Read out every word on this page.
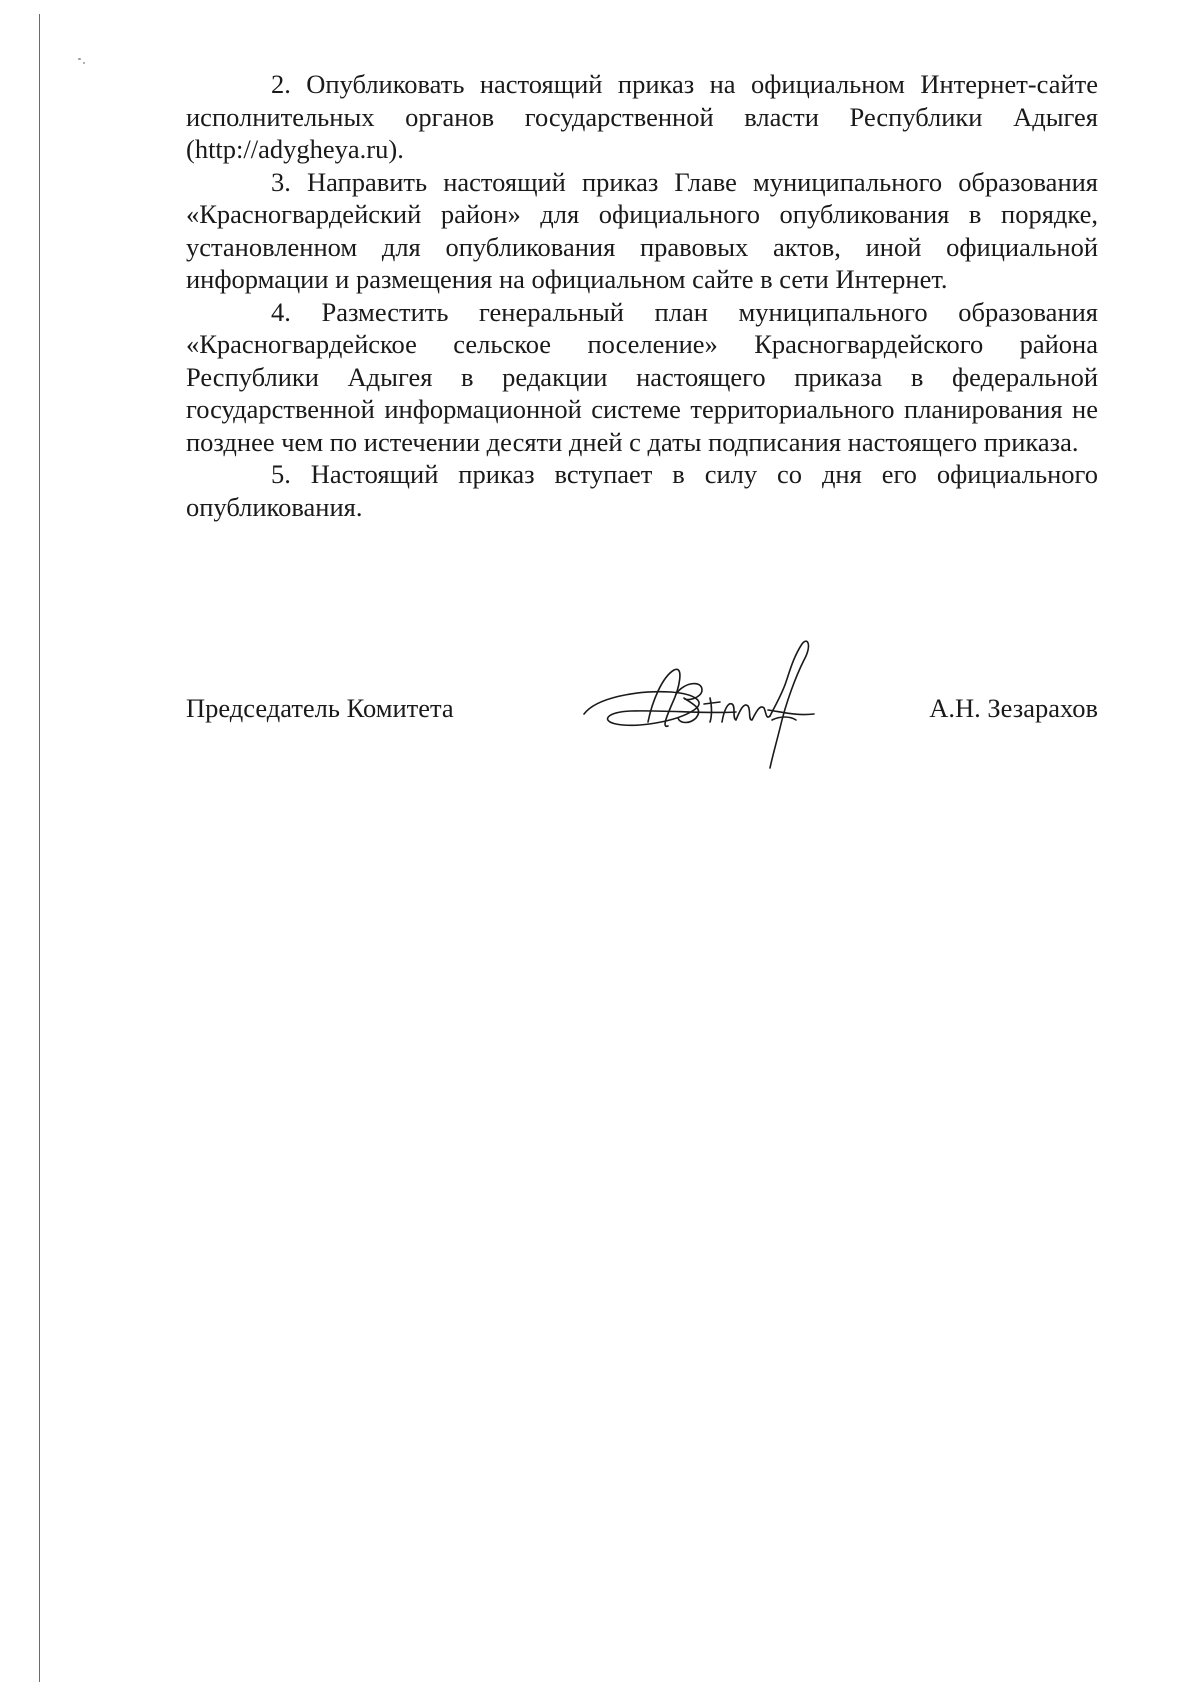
2. Опубликовать настоящий приказ на официальном Интернет-сайте исполнительных органов государственной власти Республики Адыгея (http://adygheya.ru).

3. Направить настоящий приказ Главе муниципального образования «Красногвардейский район» для официального опубликования в порядке, установленном для опубликования правовых актов, иной официальной информации и размещения на официальном сайте в сети Интернет.

4. Разместить генеральный план муниципального образования «Красногвардейское сельское поселение» Красногвардейского района Республики Адыгея в редакции настоящего приказа в федеральной государственной информационной системе территориального планирования не позднее чем по истечении десяти дней с даты подписания настоящего приказа.

5. Настоящий приказ вступает в силу со дня его официального опубликования.

Председатель Комитета	А.Н. Зезарахов
